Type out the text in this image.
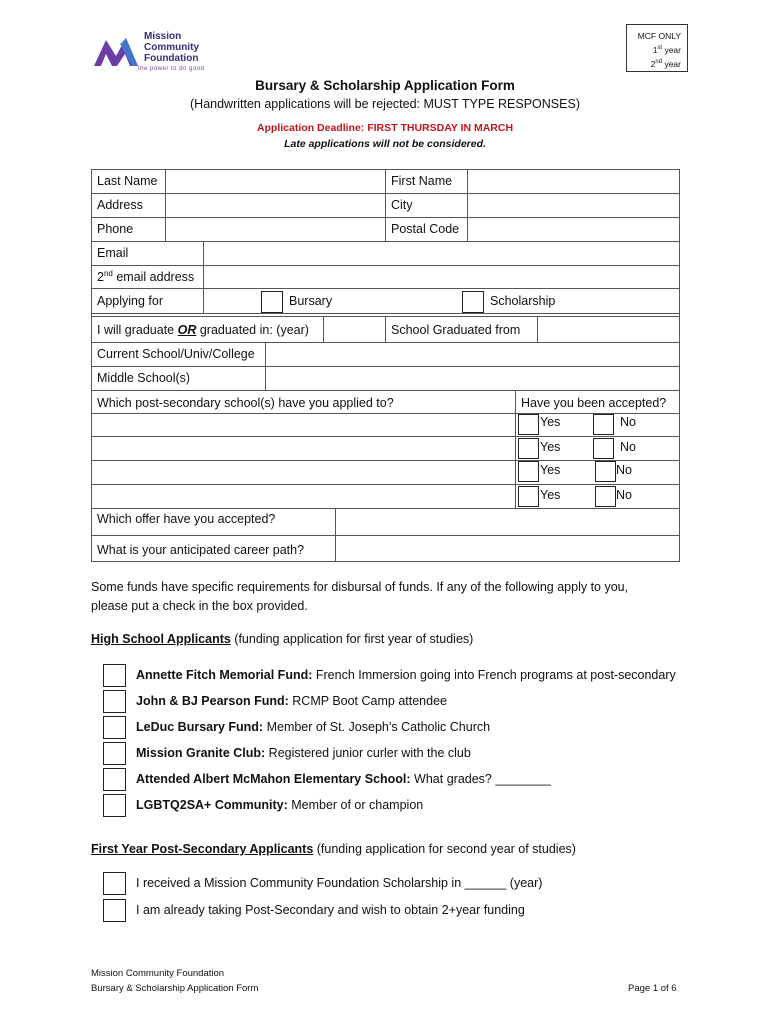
Mission
Community
Foundation
the power to do good
MCF ONLY
1st year
2nd year
Bursary & Scholarship Application Form
(Handwritten applications will be rejected: MUST TYPE RESPONSES)
Application Deadline: FIRST THURSDAY IN MARCH
Late applications will not be considered.
Last Name	First Name
Address	City
Phone	Postal Code
Email
2nd email address
Applying for	Bursary	Scholarship
I will graduate OR graduated in: (year)	School Graduated from
Current School/Univ/College
Middle School(s)
Which post-secondary school(s) have you applied to?	Have you been accepted?
Yes	No
Yes	No
Yes	No
Yes	No
Which offer have you accepted?
What is your anticipated career path?
Some funds have specific requirements for disbursal of funds. If any of the following apply to you,
please put a check in the box provided.
High School Applicants (funding application for first year of studies)
Annette Fitch Memorial Fund: French Immersion going into French programs at post-secondary
John & BJ Pearson Fund: RCMP Boot Camp attendee
LeDuc Bursary Fund: Member of St. Joseph’s Catholic Church
Mission Granite Club: Registered junior curler with the club
Attended Albert McMahon Elementary School: What grades? ________
LGBTQ2SA+ Community: Member of or champion
First Year Post-Secondary Applicants (funding application for second year of studies)
I received a Mission Community Foundation Scholarship in ______ (year)
I am already taking Post-Secondary and wish to obtain 2+year funding
Mission Community Foundation
Bursary & Scholarship Application Form	Page 1 of 6
